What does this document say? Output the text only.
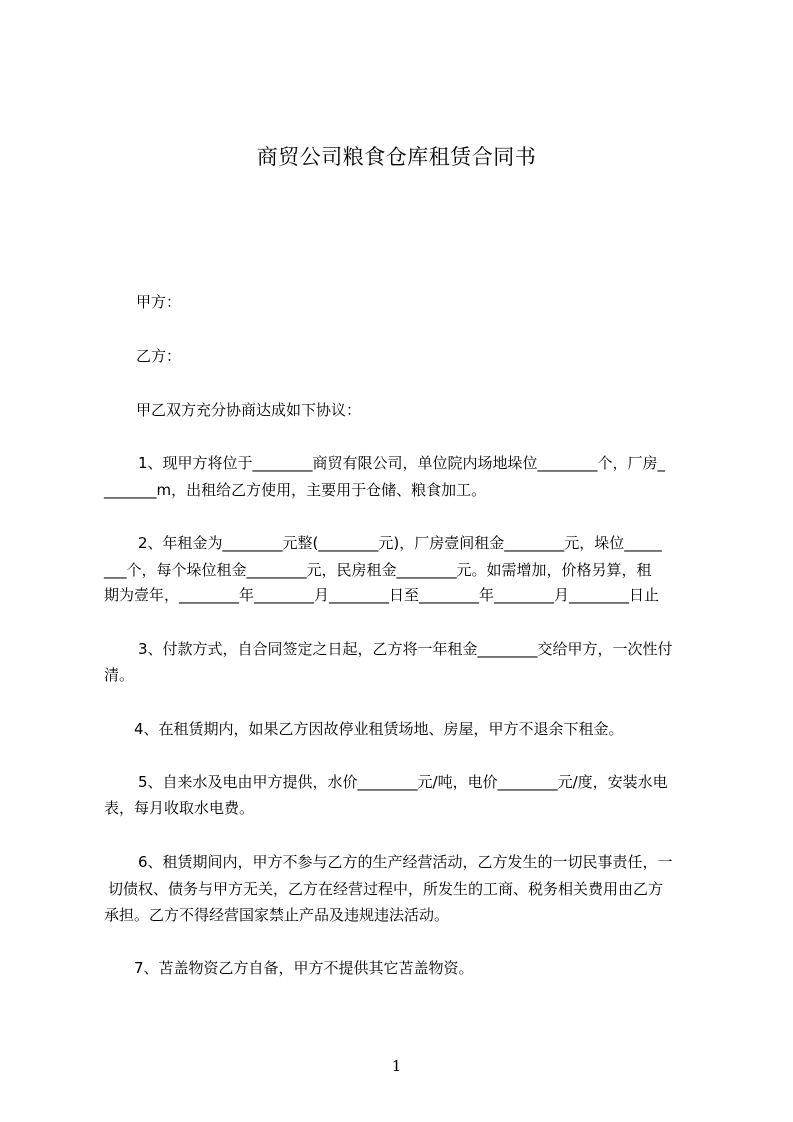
商贸公司粮食仓库租赁合同书

甲方：

乙方：

甲乙双方充分协商达成如下协议：

1、现甲方将位于________商贸有限公司，单位院内场地垛位________个，厂房_

_______m，出租给乙方使用，主要用于仓储、粮食加工。

2、年租金为________元整(________元)，厂房壹间租金________元，垛位_____

___个，每个垛位租金________元，民房租金________元。如需增加，价格另算，租

期为壹年，________年________月________日至________年________月________日止

3、付款方式，自合同签定之日起，乙方将一年租金________交给甲方，一次性付

清。

4、在租赁期内，如果乙方因故停业租赁场地、房屋，甲方不退余下租金。

5、自来水及电由甲方提供，水价________元/吨，电价________元/度，安装水电

表，每月收取水电费。

6、租赁期间内，甲方不参与乙方的生产经营活动，乙方发生的一切民事责任，一

切债权、债务与甲方无关，乙方在经营过程中，所发生的工商、税务相关费用由乙方

承担。乙方不得经营国家禁止产品及违规违法活动。

7、苫盖物资乙方自备，甲方不提供其它苫盖物资。

1
